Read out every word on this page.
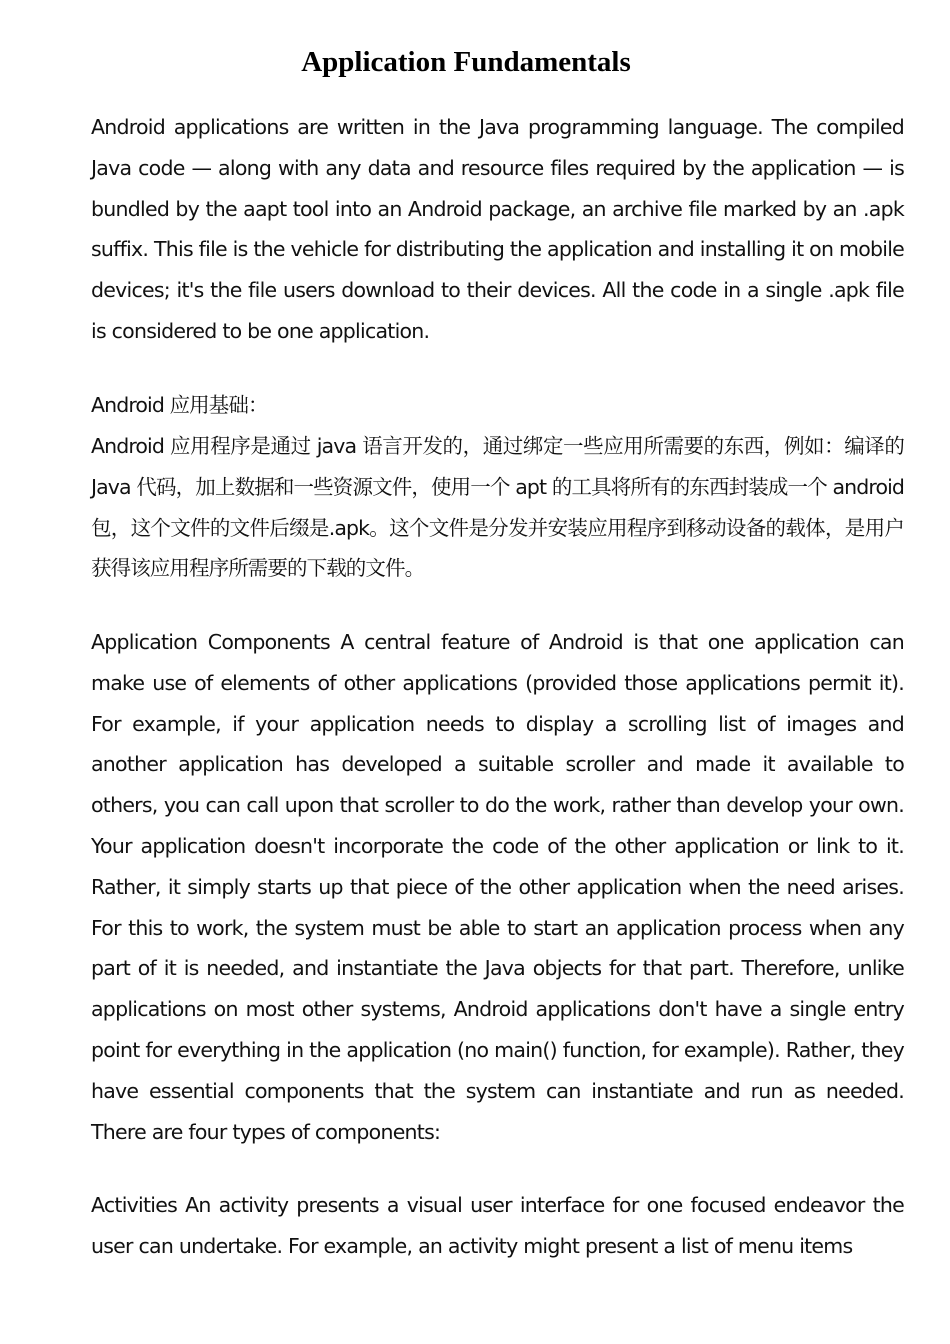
Application Fundamentals

Android applications are written in the Java programming language. The compiled Java code — along with any data and resource files required by the application — is bundled by the aapt tool into an Android package, an archive file marked by an .apk suffix. This file is the vehicle for distributing the application and installing it on mobile devices; it's the file users download to their devices. All the code in a single .apk file is considered to be one application.

Android 应用基础：

Android 应用程序是通过 java 语言开发的，通过绑定一些应用所需要的东西，例如：编译的 Java 代码，加上数据和一些资源文件，使用一个 apt 的工具将所有的东西封装成一个 android 包，这个文件的文件后缀是.apk。这个文件是分发并安装应用程序到移动设备的载体，是用户获得该应用程序所需要的下载的文件。

Application Components A central feature of Android is that one application can make use of elements of other applications (provided those applications permit it). For example, if your application needs to display a scrolling list of images and another application has developed a suitable scroller and made it available to others, you can call upon that scroller to do the work, rather than develop your own. Your application doesn't incorporate the code of the other application or link to it. Rather, it simply starts up that piece of the other application when the need arises. For this to work, the system must be able to start an application process when any part of it is needed, and instantiate the Java objects for that part. Therefore, unlike applications on most other systems, Android applications don't have a single entry point for everything in the application (no main() function, for example). Rather, they have essential components that the system can instantiate and run as needed. There are four types of components:

Activities An activity presents a visual user interface for one focused endeavor the user can undertake. For example, an activity might present a list of menu items
